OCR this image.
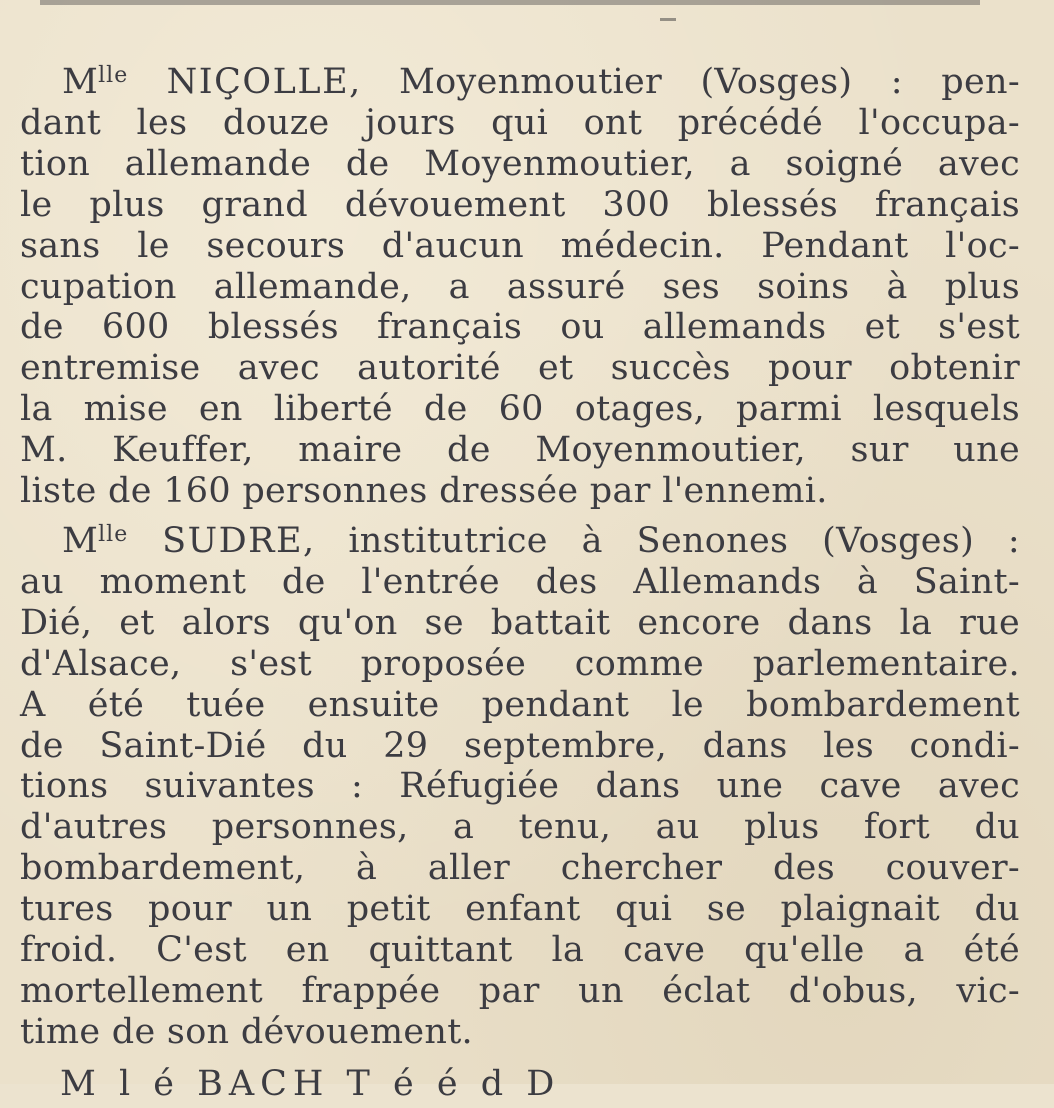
$M^{lle}$ NIÇOLLE, Moyenmoutier (Vosges) : pen-
dant les douze jours qui ont précédé l'occupa-
tion allemande de Moyenmoutier, a soigné avec
le plus grand dévouement 300 blessés français
sans le secours d'aucun médecin. Pendant l'oc-
cupation allemande, a assuré ses soins à plus
de 600 blessés français ou allemands et s'est
entremise avec autorité et succès pour obtenir
la mise en liberté de 60 otages, parmi lesquels
M. Keuffer, maire de Moyenmoutier, sur une
liste de 160 personnes dressée par l'ennemi.
$M^{lle}$ SUDRE, institutrice à Senones (Vosges) :
au moment de l'entrée des Allemands à Saint-
Dié, et alors qu'on se battait encore dans la rue
d'Alsace, s'est proposée comme parlementaire.
A été tuée ensuite pendant le bombardement
de Saint-Dié du 29 septembre, dans les condi-
tions suivantes : Réfugiée dans une cave avec
d'autres personnes, a tenu, au plus fort du
bombardement, à aller chercher des couver-
tures pour un petit enfant qui se plaignait du
froid. C'est en quittant la cave qu'elle a été
mortellement frappée par un éclat d'obus, vic-
time de son dévouement.
M l é BACH T é é d D
